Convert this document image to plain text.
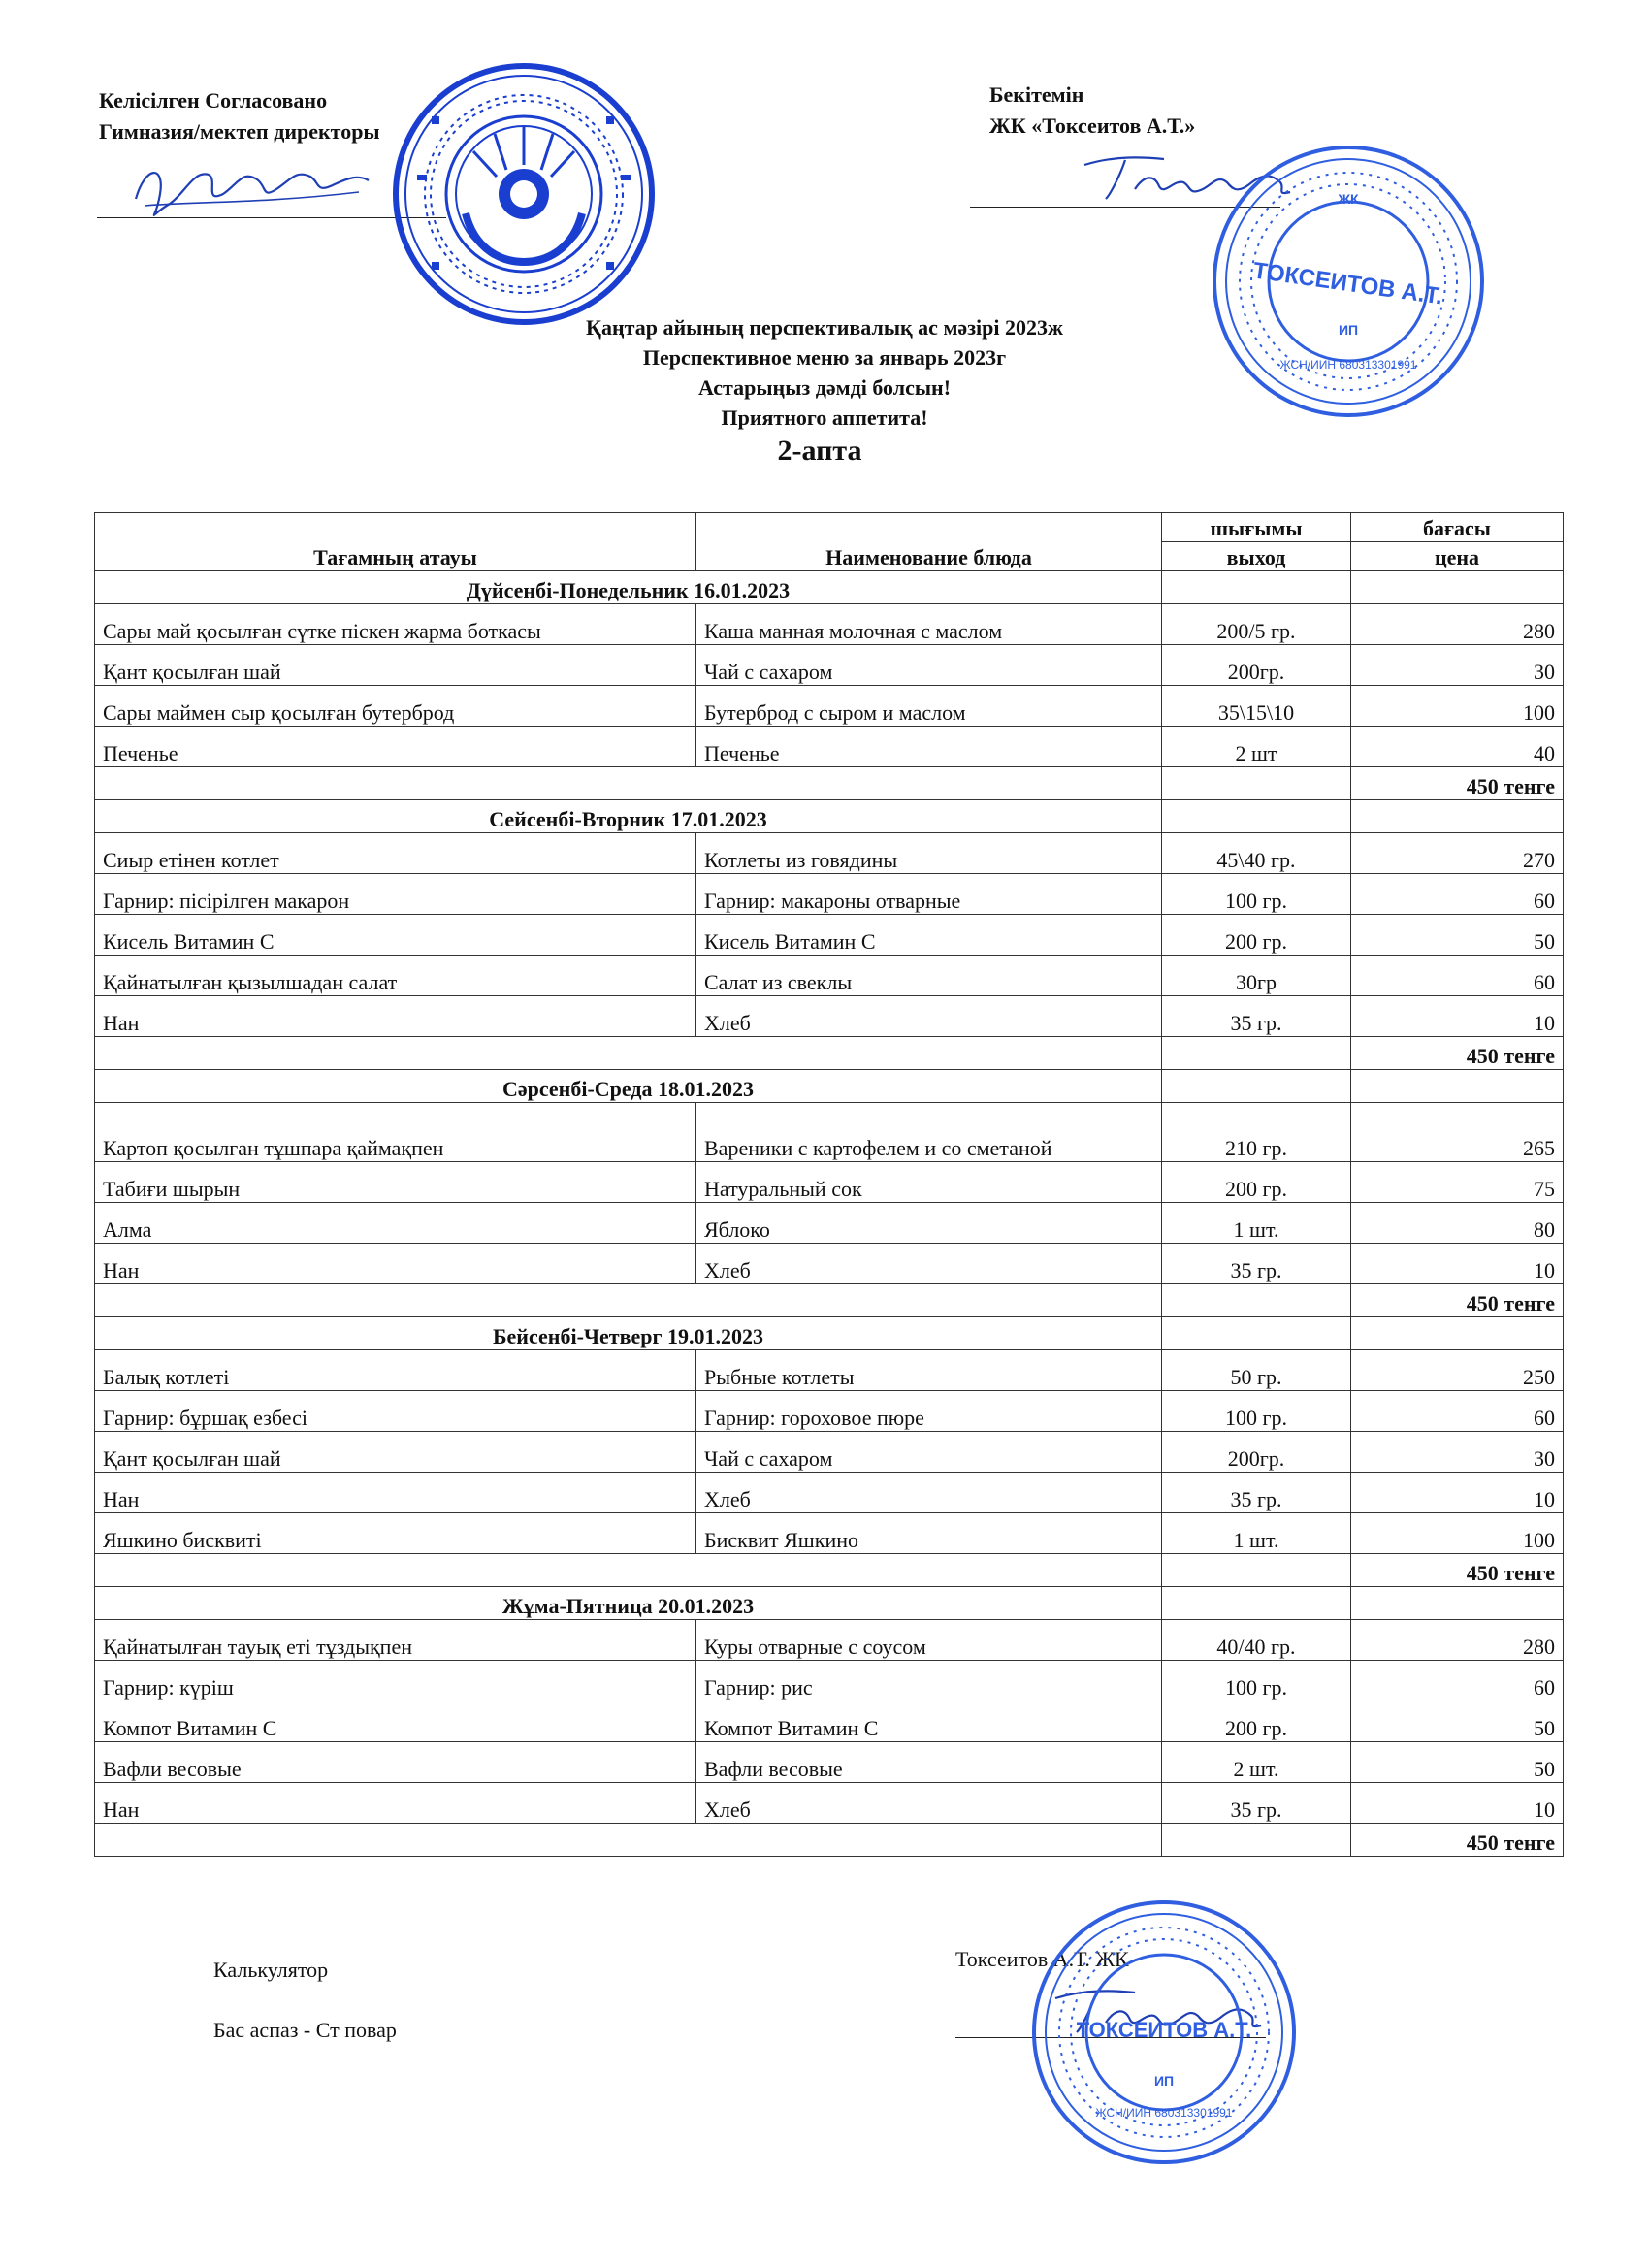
Келісілген Согласовано
Гимназия/мектеп директоры
Бекітемін
ЖК «Токсеитов А.Т.»
ЖК
ТОКСЕИТОВ А.Т.
ИП
ЖСН/ИИН 680313301991
Қаңтар айының перспективалық ас мәзірі 2023ж
Перспективное меню за январь 2023г
Астарыңыз дәмді болсын!
Приятного аппетита!
2-апта
Тағамның атауы	Наименование блюда	шығымы	бағасы
		выход	цена
Дүйсенбі-Понедельник 16.01.2023			
Сары май қосылған сүтке піскен жарма боткасы	Каша манная молочная с маслом	200/5 гр.	280
Қант қосылған шай	Чай с сахаром	200гр.	30
Сары маймен сыр қосылған бутерброд	Бутерброд с сыром и маслом	35\15\10	100
Печенье	Печенье	2 шт	40
			450 тенге
Сейсенбі-Вторник 17.01.2023			
Сиыр етінен котлет	Котлеты из говядины	45\40 гр.	270
Гарнир: пісірілген макарон	Гарнир: макароны отварные	100 гр.	60
Кисель Витамин С	Кисель Витамин С	200 гр.	50
Қайнатылған қызылшадан салат	Салат из свеклы	30гр	60
Нан	Хлеб	35 гр.	10
			450 тенге
Сәрсенбі-Среда 18.01.2023			
Картоп қосылған тұшпара қаймақпен	Вареники с картофелем и со сметаной	210 гр.	265
Табиғи шырын	Натуральный сок	200 гр.	75
Алма	Яблоко	1 шт.	80
Нан	Хлеб	35 гр.	10
			450 тенге
Бейсенбі-Четверг 19.01.2023			
Балық котлеті	Рыбные котлеты	50 гр.	250
Гарнир: бұршақ езбесі	Гарнир: гороховое пюре	100 гр.	60
Қант қосылған шай	Чай с сахаром	200гр.	30
Нан	Хлеб	35 гр.	10
Яшкино бисквиті	Бисквит Яшкино	1 шт.	100
			450 тенге
Жұма-Пятница 20.01.2023			
Қайнатылған тауық еті тұздықпен	Куры отварные с соусом	40/40 гр.	280
Гарнир: күріш	Гарнир: рис	100 гр.	60
Компот Витамин С	Компот Витамин С	200 гр.	50
Вафли весовые	Вафли весовые	2 шт.	50
Нан	Хлеб	35 гр.	10
			450 тенге
Калькулятор
Бас аспаз - Ст повар
Токсеитов А.Т. ЖК
ТОКСЕИТОВ А.Т.
ИП
ЖСН/ИИН 680313301991
